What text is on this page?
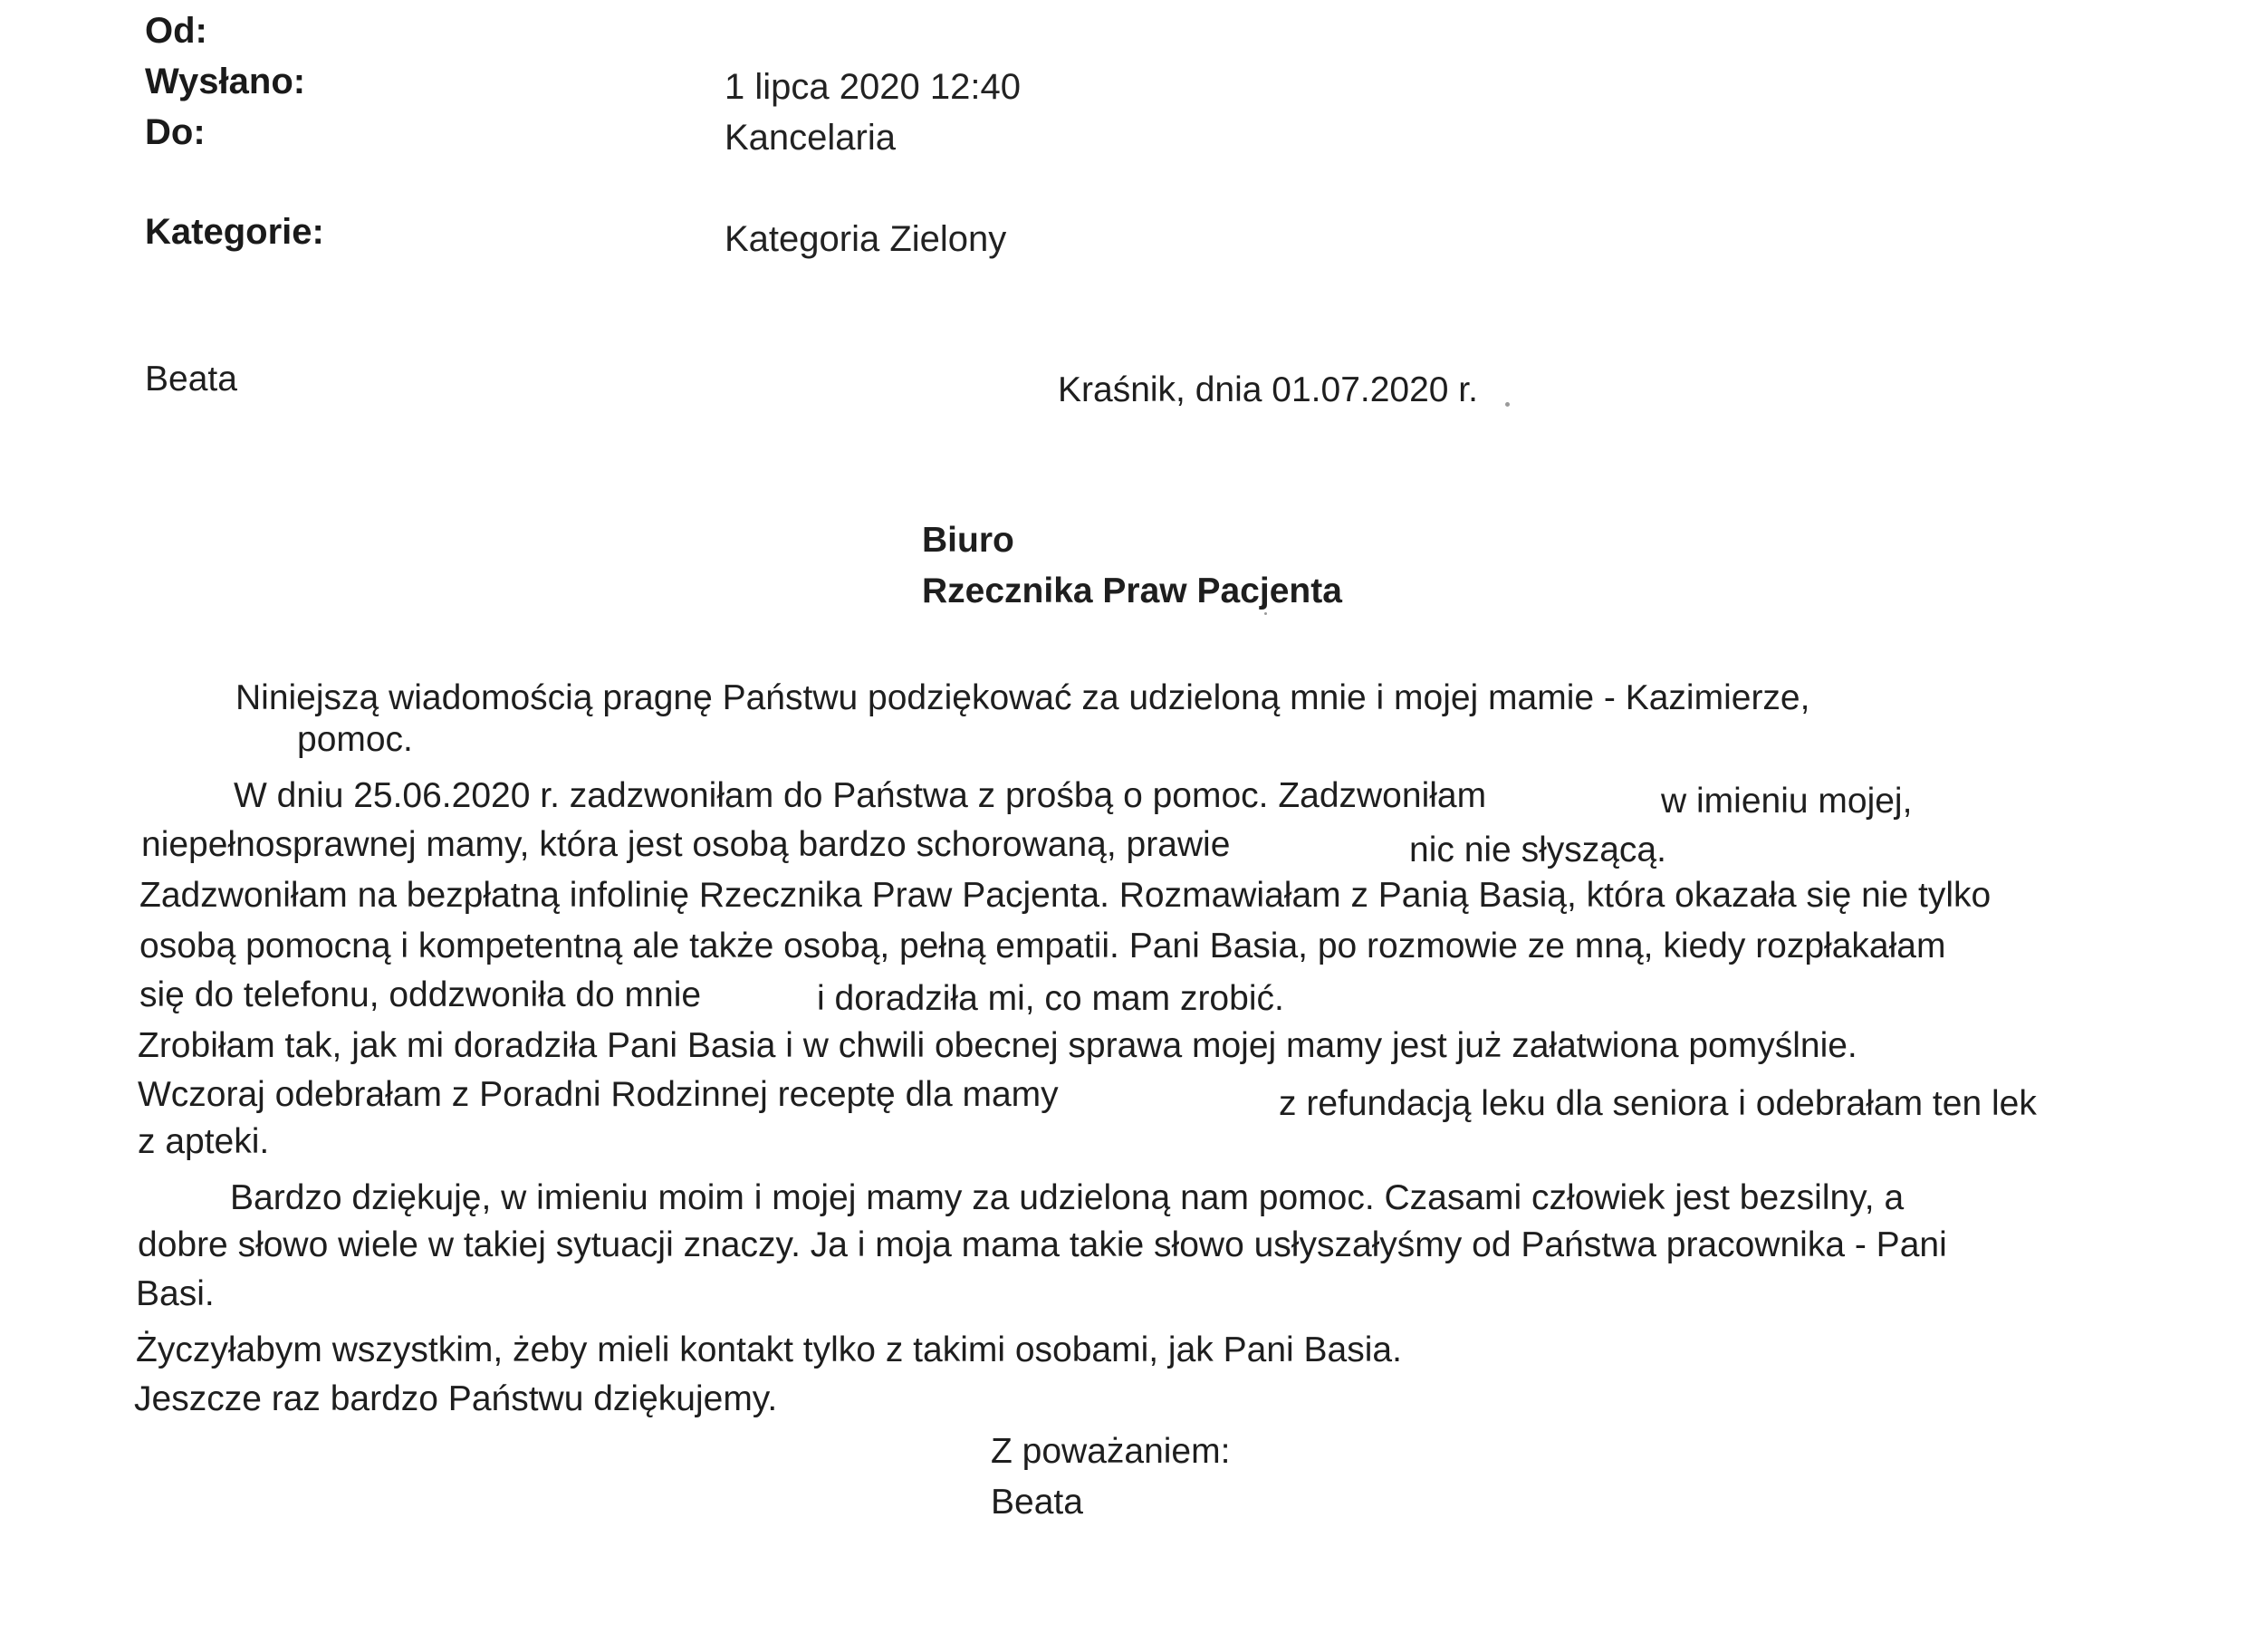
Od:
Wysłano:	1 lipca 2020 12:40
Do:	Kancelaria
Kategorie:	Kategoria Zielony
Beata	Kraśnik, dnia 01.07.2020 r.
Biuro
Rzecznika Praw Pacjenta
Niniejszą wiadomością pragnę Państwu podziękować za udzieloną mnie i mojej mamie - Kazimierze,
pomoc.
W dniu 25.06.2020 r. zadzwoniłam do Państwa z prośbą o pomoc. Zadzwoniłam	w imieniu mojej,
niepełnosprawnej mamy, która jest osobą bardzo schorowaną, prawie	nic nie słyszącą.
Zadzwoniłam na bezpłatną infolinię Rzecznika Praw Pacjenta. Rozmawiałam z Panią Basią, która okazała się nie tylko
osobą pomocną i kompetentną ale także osobą, pełną empatii. Pani Basia, po rozmowie ze mną, kiedy rozpłakałam
się do telefonu, oddzwoniła do mnie	i doradziła mi, co mam zrobić.
Zrobiłam tak, jak mi doradziła Pani Basia i w chwili obecnej sprawa mojej mamy jest już załatwiona pomyślnie.
Wczoraj odebrałam z Poradni Rodzinnej receptę dla mamy	z refundacją leku dla seniora i odebrałam ten lek
z apteki.
Bardzo dziękuję, w imieniu moim i mojej mamy za udzieloną nam pomoc. Czasami człowiek jest bezsilny, a
dobre słowo wiele w takiej sytuacji znaczy. Ja i moja mama takie słowo usłyszałyśmy od Państwa pracownika - Pani
Basi.
Życzyłabym wszystkim, żeby mieli kontakt tylko z takimi osobami, jak Pani Basia.
Jeszcze raz bardzo Państwu dziękujemy.
Z poważaniem:
Beata
